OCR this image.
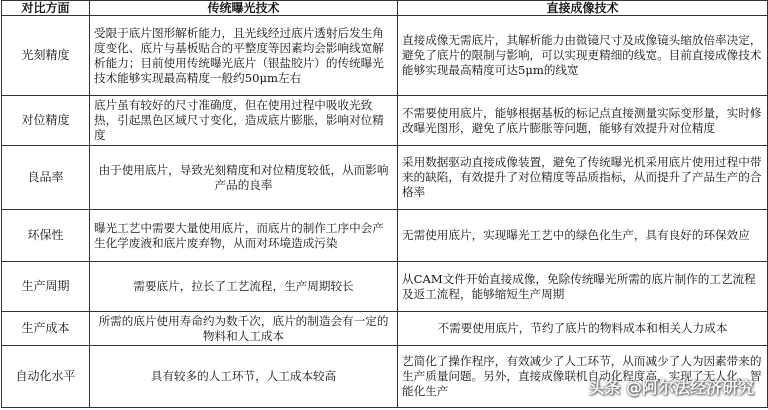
对比方面	传统曝光技术	直接成像技术
光刻精度	受限于底片图形解析能力，且光线经过底片透射后发生角度变化、底片与基板贴合的平整度等因素均会影响线宽解析能力；目前使用传统曝光底片（银盐胶片）的传统曝光技术能够实现最高精度一般约50μm左右	直接成像无需底片，其解析能力由微镜尺寸及成像镜头缩放倍率决定，避免了底片的限制与影响，可以实现更精细的线宽。目前直接成像技术能够实现最高精度可达5μm的线宽
对位精度	底片虽有较好的尺寸准确度，但在使用过程中吸收光致热，引起黑色区域尺寸变化，造成底片膨胀，影响对位精度	不需要使用底片，能够根据基板的标记点直接测量实际变形量，实时修改曝光图形，避免了底片膨胀等问题，能够有效提升对位精度
良品率	由于使用底片，导致光刻精度和对位精度较低，从而影响产品的良率	采用数据驱动直接成像装置，避免了传统曝光机采用底片使用过程中带来的缺陷，有效提升了对位精度等品质指标，从而提升了产品生产的合格率
环保性	曝光工艺中需要大量使用底片，而底片的制作工序中会产生化学废液和底片废弃物，从而对环境造成污染	无需使用底片，实现曝光工艺中的绿色化生产，具有良好的环保效应
生产周期	需要底片，拉长了工艺流程，生产周期较长	从CAM文件开始直接成像，免除传统曝光所需的底片制作的工艺流程及返工流程，能够缩短生产周期
生产成本	所需的底片使用寿命约为数千次，底片的制造会有一定的物料和人工成本	不需要使用底片，节约了底片的物料成本和相关人力成本
自动化水平	具有较多的人工环节，人工成本较高	艺简化了操作程序，有效减少了人工环节，从而减少了人为因素带来的生产质量问题。另外，直接成像联机自动化程度高，实现了无人化、智能化生产	头条 @阿尔法经济研究
